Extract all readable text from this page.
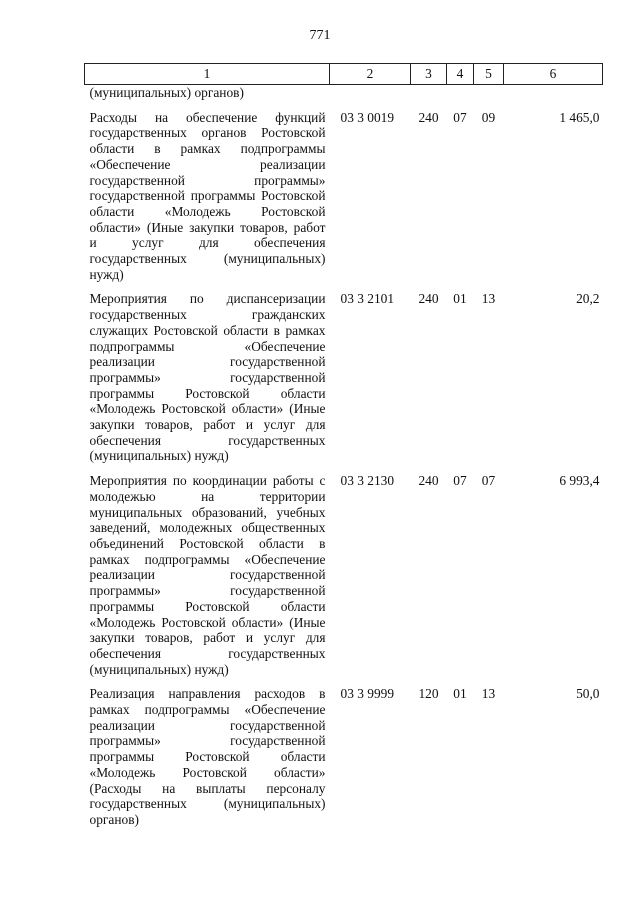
771
1	2	3	4	5	6
(муниципальных) органов)					
Расходы на обеспечение функций государственных органов Ростовской области в рамках подпрограммы «Обеспечение реализации государственной программы» государственной программы Ростовской области «Молодежь Ростовской области» (Иные закупки товаров, работ и услуг для обеспечения государственных (муниципальных) нужд)	03 3 0019	240	07	09	1 465,0
Мероприятия по диспансеризации государственных гражданских служащих Ростовской области в рамках подпрограммы «Обеспечение реализации государственной программы» государственной программы Ростовской области «Молодежь Ростовской области» (Иные закупки товаров, работ и услуг для обеспечения государственных (муниципальных) нужд)	03 3 2101	240	01	13	20,2
Мероприятия по координации работы с молодежью на территории муниципальных образований, учебных заведений, молодежных общественных объединений Ростовской области в рамках подпрограммы «Обеспечение реализации государственной программы» государственной программы Ростовской области «Молодежь Ростовской области» (Иные закупки товаров, работ и услуг для обеспечения государственных (муниципальных) нужд)	03 3 2130	240	07	07	6 993,4
Реализация направления расходов в рамках подпрограммы «Обеспечение реализации государственной программы» государственной программы Ростовской области «Молодежь Ростовской области» (Расходы на выплаты персоналу государственных (муниципальных) органов)	03 3 9999	120	01	13	50,0
